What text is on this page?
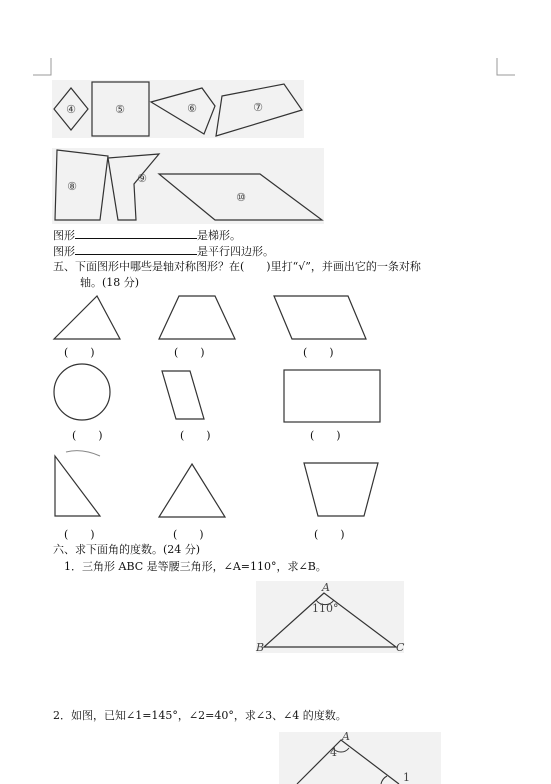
④	⑤	⑥	⑦
⑧
⑨
⑩
图形	是梯形。
图形	是平行四边形。
五、下面图形中哪些是轴对称图形？在(　　)里打“√”，并画出它的一条对称
轴。(18 分)
(　　)	(　　)	(　　)
(　　)	(　　)	(　　)
(　　)	(　　)	(　　)
六、求下面角的度数。(24 分)
1．三角形 ABC 是等腰三角形，∠A=110°，求∠B。
A
110°
B	C
2．如图，已知∠1=145°，∠2=40°，求∠3、∠4 的度数。
A
4
1
